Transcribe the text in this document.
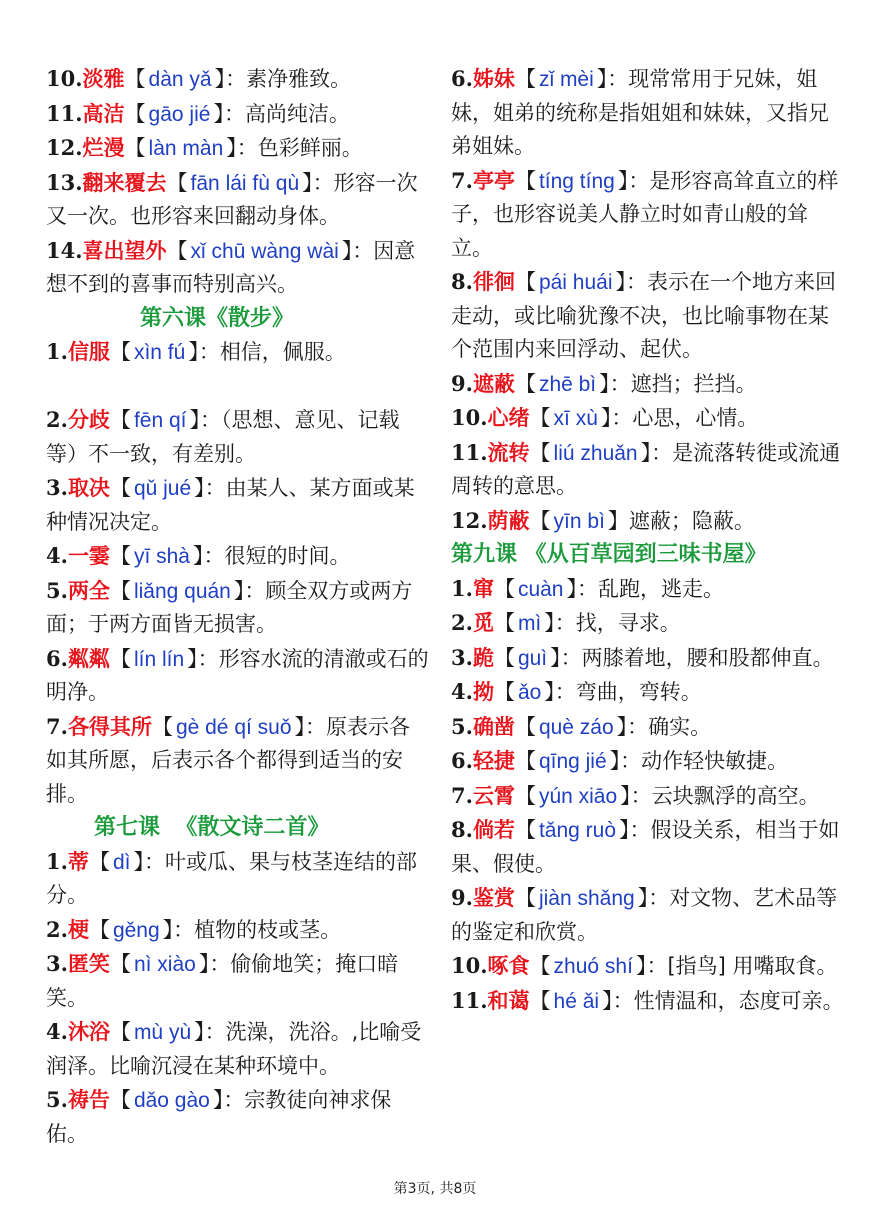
10.淡雅【 dàn yǎ 】：素净雅致。

11.高洁【 gāo jié 】：高尚纯洁。

12.烂漫【 làn màn 】：色彩鲜丽。

13.翻来覆去【 fān lái fù qù 】：形容一次又一次。也形容来回翻动身体。

14.喜出望外【 xǐ chū wàng wài 】：因意想不到的喜事而特别高兴。

第六课《散步》

1.信服【 xìn fú 】：相信，佩服。

2.分歧【 fēn qí 】：（思想、意见、记载等）不一致，有差别。

3.取决【 qǔ jué 】：由某人、某方面或某种情况决定。

4.一霎【 yī shà 】：很短的时间。

5.两全【 liǎng quán 】：顾全双方或两方面；于两方面皆无损害。

6.粼粼【 lín lín 】：形容水流的清澈或石的明净。

7.各得其所【 gè dé qí suǒ 】：原表示各如其所愿，后表示各个都得到适当的安排。

第七课  《散文诗二首》

1.蒂【 dì 】：叶或瓜、果与枝茎连结的部分。

2.梗【 gěng 】：植物的枝或茎。

3.匿笑【 nì xiào 】：偷偷地笑；掩口暗笑。

4.沐浴【 mù yù 】：洗澡，洗浴。,比喻受润泽。比喻沉浸在某种环境中。

5.祷告【 dǎo gào 】：宗教徒向神求保佑。

6.姊妹【 zǐ mèi 】：现常常用于兄妹，姐妹，姐弟的统称是指姐姐和妹妹，又指兄弟姐妹。

7.亭亭【 tíng tíng 】：是形容高耸直立的样子，也形容说美人静立时如青山般的耸立。

8.徘徊【 pái huái 】：表示在一个地方来回走动，或比喻犹豫不决，也比喻事物在某个范围内来回浮动、起伏。

9.遮蔽【 zhē bì 】：遮挡；拦挡。

10.心绪【 xī xù 】：心思，心情。

11.流转【 liú zhuǎn 】：是流落转徙或流通周转的意思。

12.荫蔽【 yīn bì 】遮蔽；隐蔽。

第九课 《从百草园到三味书屋》

1.窜【 cuàn 】：乱跑，逃走。

2.觅【 mì 】：找，寻求。

3.跪【 guì 】：两膝着地，腰和股都伸直。

4.拗【 ǎo 】：弯曲，弯转。

5.确凿【 què záo 】：确实。

6.轻捷【 qīng jié 】：动作轻快敏捷。

7.云霄【 yún xiāo 】：云块飘浮的高空。

8.倘若【 tǎng ruò 】：假设关系，相当于如果、假使。

9.鉴赏【 jiàn shǎng 】：对文物、艺术品等的鉴定和欣赏。

10.啄食【 zhuó shí 】：[指鸟] 用嘴取食。

11.和蔼【 hé ǎi 】：性情温和，态度可亲。

第3页, 共8页
